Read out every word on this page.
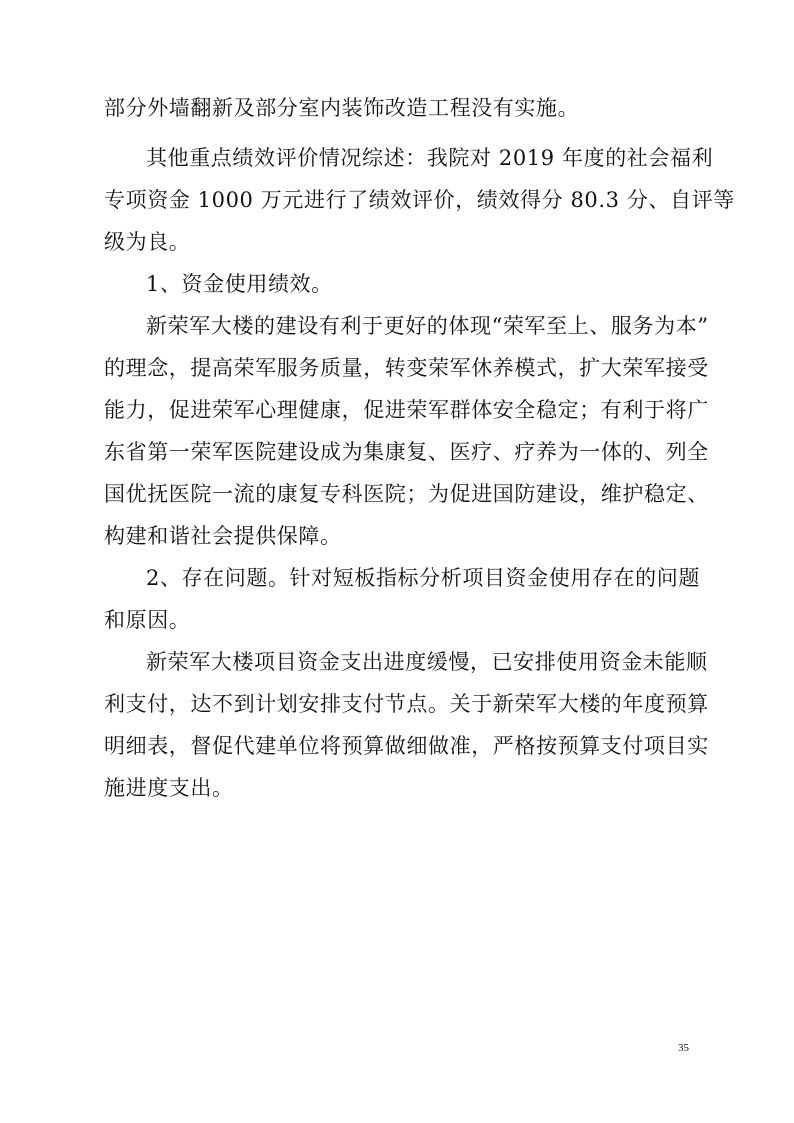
部分外墙翻新及部分室内装饰改造工程没有实施。
其他重点绩效评价情况综述：我院对 2019 年度的社会福利
专项资金 1000 万元进行了绩效评价，绩效得分 80.3 分、自评等
级为良。
1、资金使用绩效。
新荣军大楼的建设有利于更好的体现“荣军至上、服务为本”
的理念，提高荣军服务质量，转变荣军休养模式，扩大荣军接受
能力，促进荣军心理健康，促进荣军群体安全稳定；有利于将广
东省第一荣军医院建设成为集康复、医疗、疗养为一体的、列全
国优抚医院一流的康复专科医院；为促进国防建设，维护稳定、
构建和谐社会提供保障。
2、存在问题。针对短板指标分析项目资金使用存在的问题
和原因。
新荣军大楼项目资金支出进度缓慢，已安排使用资金未能顺
利支付，达不到计划安排支付节点。关于新荣军大楼的年度预算
明细表，督促代建单位将预算做细做准，严格按预算支付项目实
施进度支出。
35
